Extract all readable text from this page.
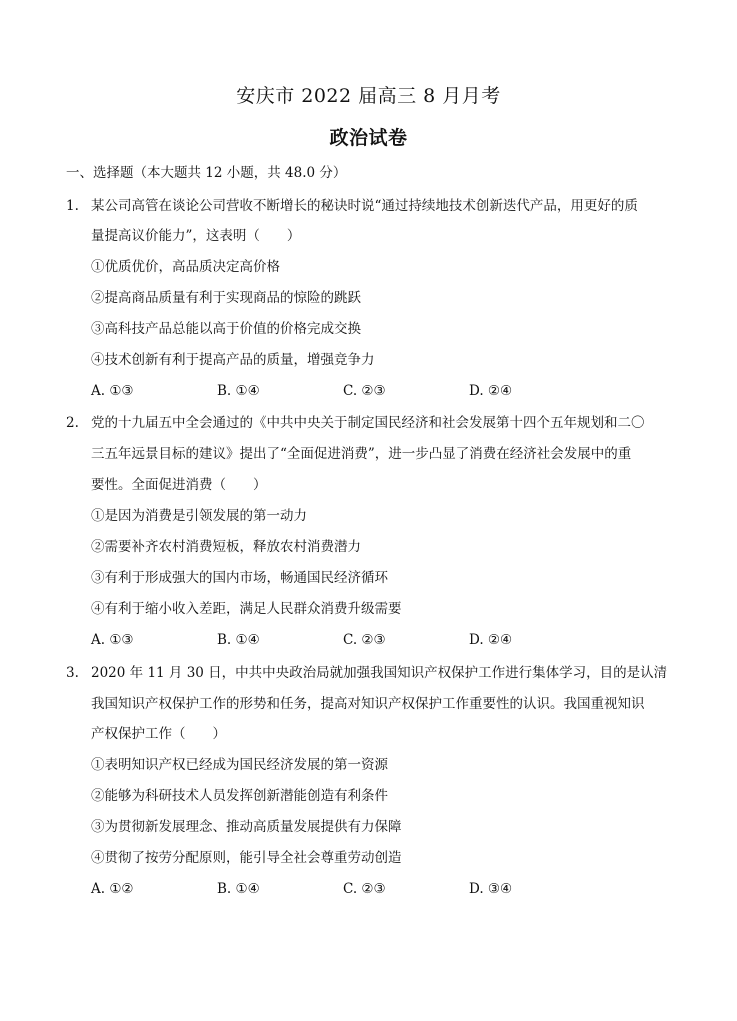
安庆市 2022 届高三 8 月月考
政治试卷
一、选择题（本大题共 12 小题，共 48.0 分）
1. 某公司高管在谈论公司营收不断增长的秘诀时说“通过持续地技术创新迭代产品，用更好的质
量提高议价能力”，这表明（　　）
①优质优价，高品质决定高价格
②提高商品质量有利于实现商品的惊险的跳跃
③高科技产品总能以高于价值的价格完成交换
④技术创新有利于提高产品的质量，增强竞争力
A. ①③	B. ①④	C. ②③	D. ②④
2. 党的十九届五中全会通过的《中共中央关于制定国民经济和社会发展第十四个五年规划和二〇
三五年远景目标的建议》提出了“全面促进消费”，进一步凸显了消费在经济社会发展中的重
要性。全面促进消费（　　）
①是因为消费是引领发展的第一动力
②需要补齐农村消费短板，释放农村消费潜力
③有利于形成强大的国内市场，畅通国民经济循环
④有利于缩小收入差距，满足人民群众消费升级需要
A. ①③	B. ①④	C. ②③	D. ②④
3. 2020 年 11 月 30 日，中共中央政治局就加强我国知识产权保护工作进行集体学习，目的是认清
我国知识产权保护工作的形势和任务，提高对知识产权保护工作重要性的认识。我国重视知识
产权保护工作（　　）
①表明知识产权已经成为国民经济发展的第一资源
②能够为科研技术人员发挥创新潜能创造有利条件
③为贯彻新发展理念、推动高质量发展提供有力保障
④贯彻了按劳分配原则，能引导全社会尊重劳动创造
A. ①②	B. ①④	C. ②③	D. ③④
